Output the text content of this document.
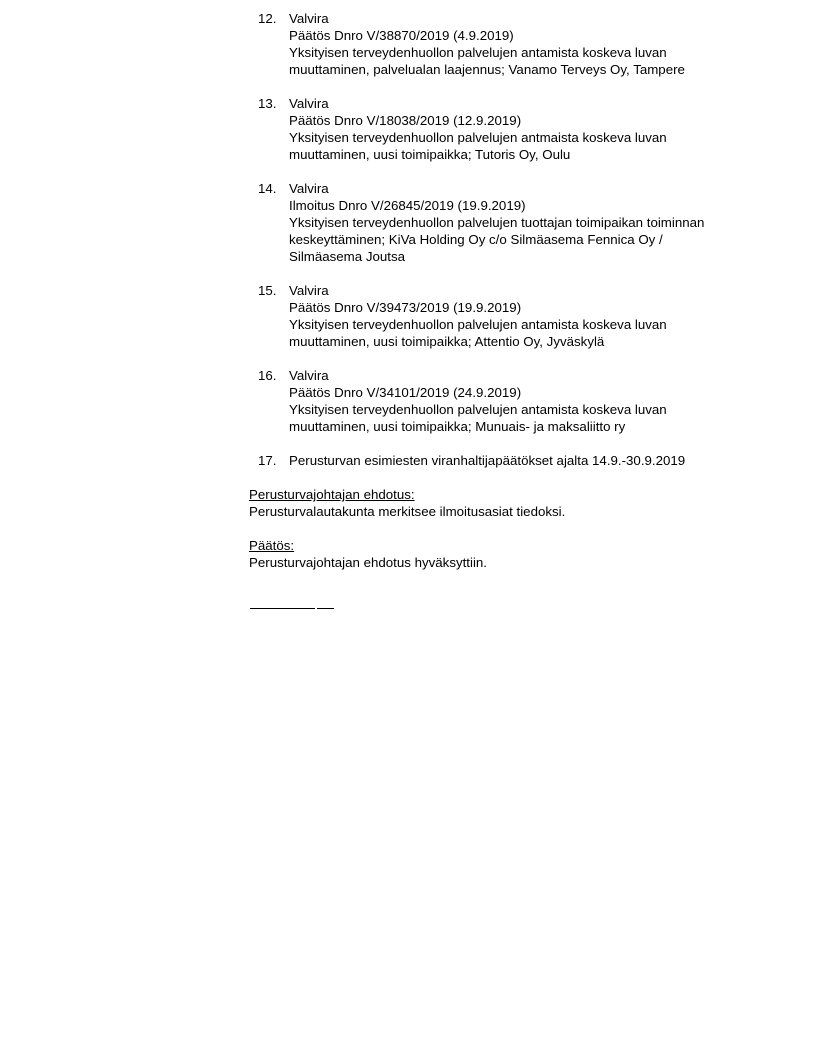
12. Valvira
Päätös Dnro V/38870/2019 (4.9.2019)
Yksityisen terveydenhuollon palvelujen antamista koskeva luvan
muuttaminen, palvelualan laajennus; Vanamo Terveys Oy, Tampere
13. Valvira
Päätös Dnro V/18038/2019 (12.9.2019)
Yksityisen terveydenhuollon palvelujen antmaista koskeva luvan
muuttaminen, uusi toimipaikka; Tutoris Oy, Oulu
14. Valvira
Ilmoitus Dnro V/26845/2019 (19.9.2019)
Yksityisen terveydenhuollon palvelujen tuottajan toimipaikan toiminnan
keskeyttäminen; KiVa Holding Oy c/o Silmäasema Fennica Oy /
Silmäasema Joutsa
15. Valvira
Päätös Dnro V/39473/2019 (19.9.2019)
Yksityisen terveydenhuollon palvelujen antamista koskeva luvan
muuttaminen, uusi toimipaikka; Attentio Oy, Jyväskylä
16. Valvira
Päätös Dnro V/34101/2019 (24.9.2019)
Yksityisen terveydenhuollon palvelujen antamista koskeva luvan
muuttaminen, uusi toimipaikka; Munuais- ja maksaliitto ry
17. Perusturvan esimiesten viranhaltijapäätökset ajalta 14.9.-30.9.2019
Perusturvajohtajan ehdotus:
Perusturvalautakunta merkitsee ilmoitusasiat tiedoksi.
Päätös:
Perusturvajohtajan ehdotus hyväksyttiin.
